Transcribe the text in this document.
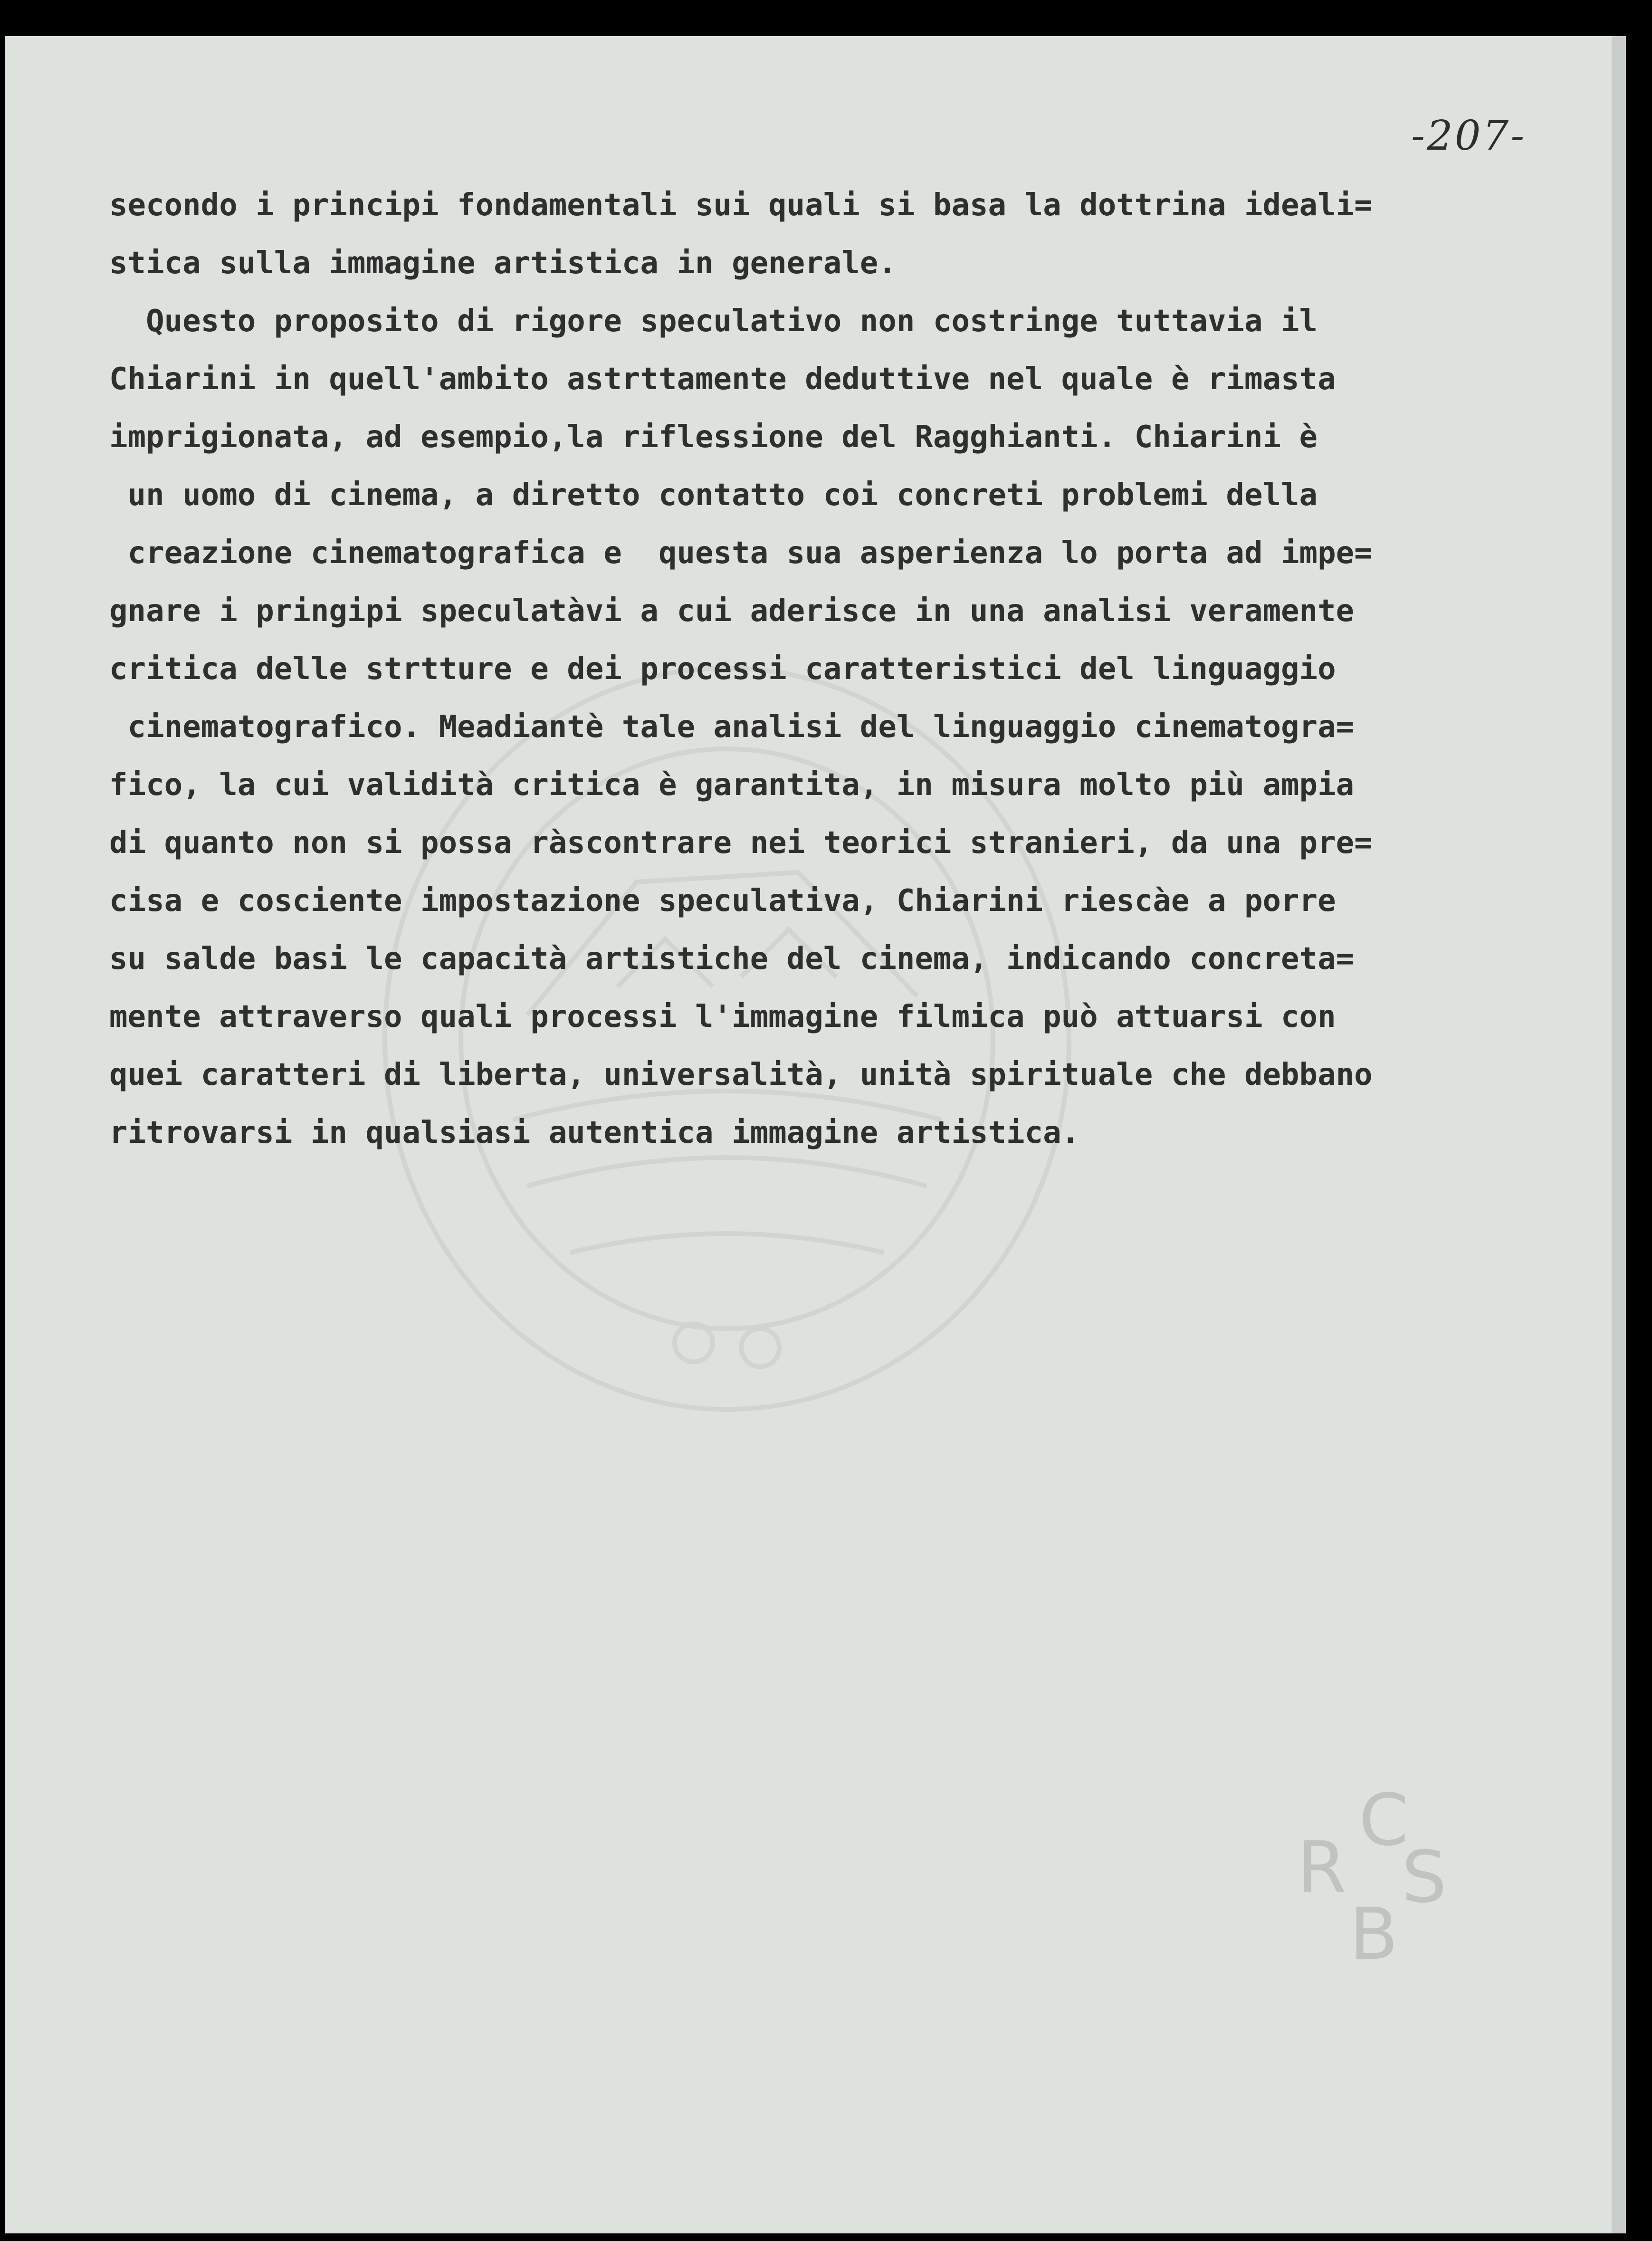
C
R S
B

-207-

secondo i principi fondamentali sui quali si basa la dottrina ideali=

stica sulla immagine artistica in generale.

Questo proposito di rigore speculativo non costringe tuttavia il

Chiarini in quell'ambito astrttamente deduttive nel quale è rimasta

imprigionata, ad esempio,la riflessione del Ragghianti. Chiarini è

un uomo di cinema, a diretto contatto coi concreti problemi della

creazione cinematografica e  questa sua asperienza lo porta ad impe=

gnare i pringipi speculatàvi a cui aderisce in una analisi veramente

critica delle strtture e dei processi caratteristici del linguaggio

cinematografico. Meadiantè tale analisi del linguaggio cinematogra=

fico, la cui validità critica è garantita, in misura molto più ampia

di quanto non si possa ràscontrare nei teorici stranieri, da una pre=

cisa e cosciente impostazione speculativa, Chiarini riescàe a porre

su salde basi le capacità artistiche del cinema, indicando concreta=

mente attraverso quali processi l'immagine filmica può attuarsi con

quei caratteri di liberta, universalità, unità spirituale che debbano

ritrovarsi in qualsiasi autentica immagine artistica.
